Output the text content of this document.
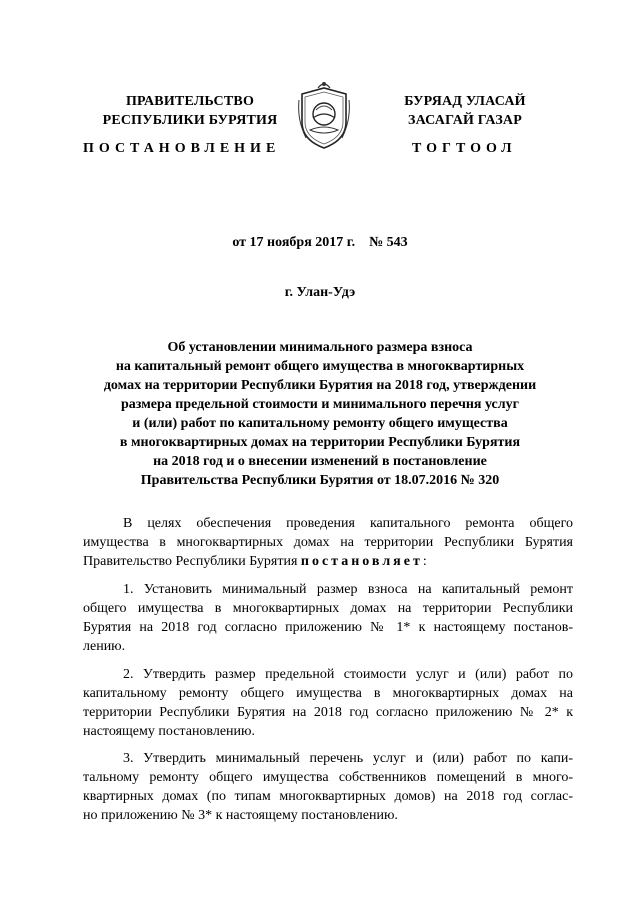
ПРАВИТЕЛЬСТВО
РЕСПУБЛИКИ БУРЯТИЯ
БУРЯАД УЛАСАЙ
ЗАСАГАЙ ГАЗАР
ПОСТАНОВЛЕНИЕ	ТОГТООЛ
от 17 ноября 2017 г.    № 543
г. Улан-Удэ
Об установлении минимального размера взноса
на капитальный ремонт общего имущества в многоквартирных
домах на территории Республики Бурятия на 2018 год, утверждении
размера предельной стоимости и минимального перечня услуг
и (или) работ по капитальному ремонту общего имущества
в многоквартирных домах на территории Республики Бурятия
на 2018 год и о внесении изменений в постановление
Правительства Республики Бурятия от 18.07.2016 № 320
В целях обеспечения проведения капитального ремонта общего
имущества в многоквартирных домах на территории Республики Бурятия
Правительство Республики Бурятия постановляет:
1. Установить минимальный размер взноса на капитальный ремонт
общего имущества в многоквартирных домах на территории Республики
Бурятия на 2018 год согласно приложению № 1* к настоящему постанов-
лению.
2. Утвердить размер предельной стоимости услуг и (или) работ по
капитальному ремонту общего имущества в многоквартирных домах на
территории Республики Бурятия на 2018 год согласно приложению № 2* к
настоящему постановлению.
3. Утвердить минимальный перечень услуг и (или) работ по капи-
тальному ремонту общего имущества собственников помещений в много-
квартирных домах (по типам многоквартирных домов) на 2018 год соглас-
но приложению № 3* к настоящему постановлению.
